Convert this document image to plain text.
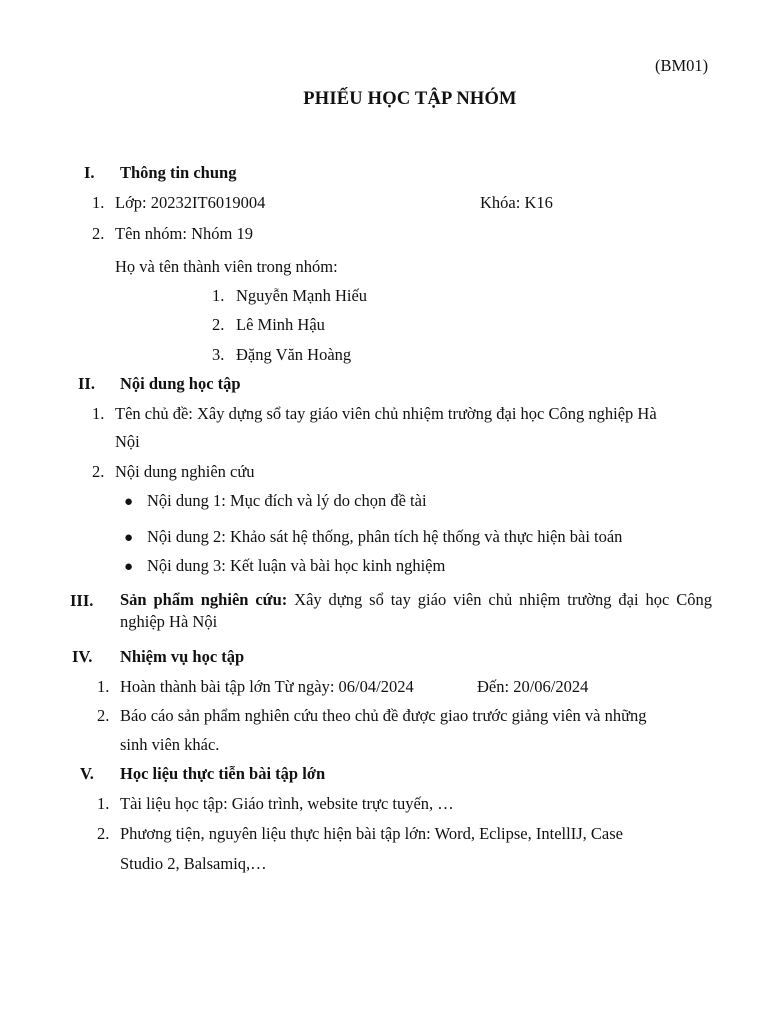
(BM01)
PHIẾU HỌC TẬP NHÓM
I. Thông tin chung
1. Lớp: 20232IT6019004	Khóa: K16
2. Tên nhóm: Nhóm 19
Họ và tên thành viên trong nhóm:
1. Nguyễn Mạnh Hiếu
2. Lê Minh Hậu
3. Đặng Văn Hoàng
II. Nội dung học tập
1. Tên chủ đề: Xây dựng sổ tay giáo viên chủ nhiệm trường đại học Công nghiệp Hà
Nội
2. Nội dung nghiên cứu
● Nội dung 1: Mục đích và lý do chọn đề tài
● Nội dung 2: Khảo sát hệ thống, phân tích hệ thống và thực hiện bài toán
● Nội dung 3: Kết luận và bài học kinh nghiệm
III. Sản phẩm nghiên cứu: Xây dựng sổ tay giáo viên chủ nhiệm trường đại học Công nghiệp Hà Nội
IV. Nhiệm vụ học tập
1. Hoàn thành bài tập lớn Từ ngày: 06/04/2024	Đến: 20/06/2024
2. Báo cáo sản phẩm nghiên cứu theo chủ đề được giao trước giảng viên và những
sinh viên khác.
V. Học liệu thực tiễn bài tập lớn
1. Tài liệu học tập: Giáo trình, website trực tuyến, …
2. Phương tiện, nguyên liệu thực hiện bài tập lớn: Word, Eclipse, IntellIJ, Case
Studio 2, Balsamiq,…
